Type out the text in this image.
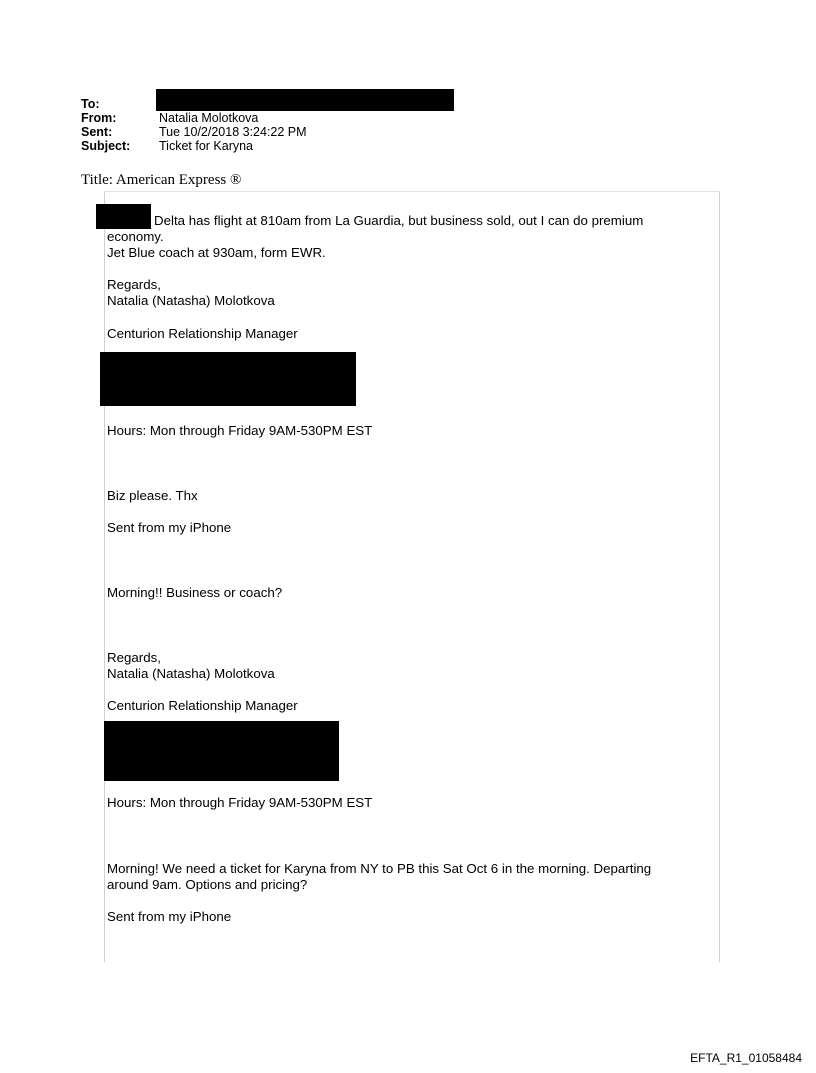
To:
From:	Natalia Molotkova
Sent:	Tue 10/2/2018 3:24:22 PM
Subject:	Ticket for Karyna
Title: American Express ®
Delta has flight at 810am from La Guardia, but business sold, out I can do premium
economy.
Jet Blue coach at 930am, form EWR.
Regards,
Natalia (Natasha) Molotkova
Centurion Relationship Manager
Hours: Mon through Friday 9AM-530PM EST
Biz please. Thx
Sent from my iPhone
Morning!! Business or coach?
Regards,
Natalia (Natasha) Molotkova
Centurion Relationship Manager
Hours: Mon through Friday 9AM-530PM EST
Morning! We need a ticket for Karyna from NY to PB this Sat Oct 6 in the morning. Departing
around 9am. Options and pricing?
Sent from my iPhone
EFTA_R1_01058484
